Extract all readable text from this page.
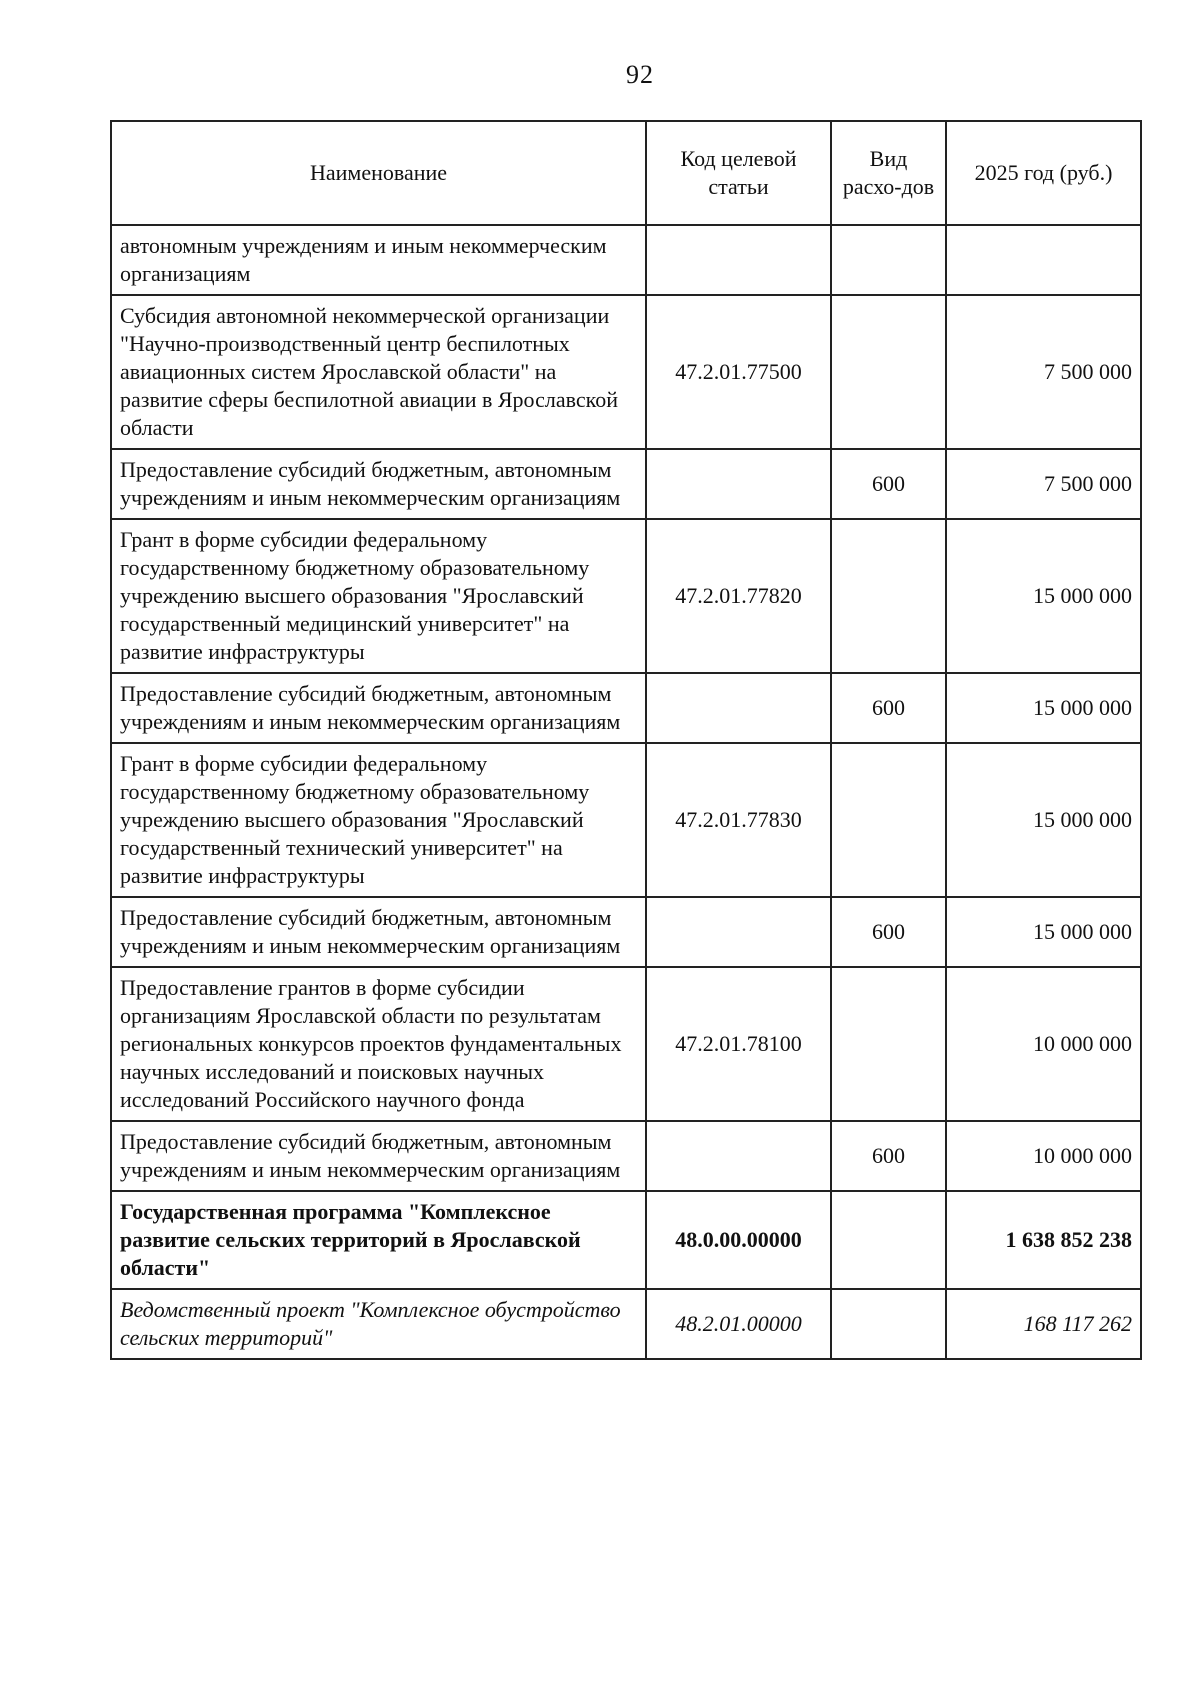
92
Наименование	Код целевой статьи	Вид расхо-дов	2025 год (руб.)
автономным учреждениям и иным некоммерческим организациям			
Субсидия автономной некоммерческой организации "Научно-производственный центр беспилотных авиационных систем Ярославской области" на развитие сферы беспилотной авиации в Ярославской области	47.2.01.77500		7 500 000
Предоставление субсидий бюджетным, автономным учреждениям и иным некоммерческим организациям		600	7 500 000
Грант в форме субсидии федеральному государственному бюджетному образовательному учреждению высшего образования "Ярославский государственный медицинский университет" на развитие инфраструктуры	47.2.01.77820		15 000 000
Предоставление субсидий бюджетным, автономным учреждениям и иным некоммерческим организациям		600	15 000 000
Грант в форме субсидии федеральному государственному бюджетному образовательному учреждению высшего образования "Ярославский государственный технический университет" на развитие инфраструктуры	47.2.01.77830		15 000 000
Предоставление субсидий бюджетным, автономным учреждениям и иным некоммерческим организациям		600	15 000 000
Предоставление грантов в форме субсидии организациям Ярославской области по результатам региональных конкурсов проектов фундаментальных научных исследований и поисковых научных исследований Российского научного фонда	47.2.01.78100		10 000 000
Предоставление субсидий бюджетным, автономным учреждениям и иным некоммерческим организациям		600	10 000 000
Государственная программа "Комплексное развитие сельских территорий в Ярославской области"	48.0.00.00000		1 638 852 238
Ведомственный проект "Комплексное обустройство сельских территорий"	48.2.01.00000		168 117 262
